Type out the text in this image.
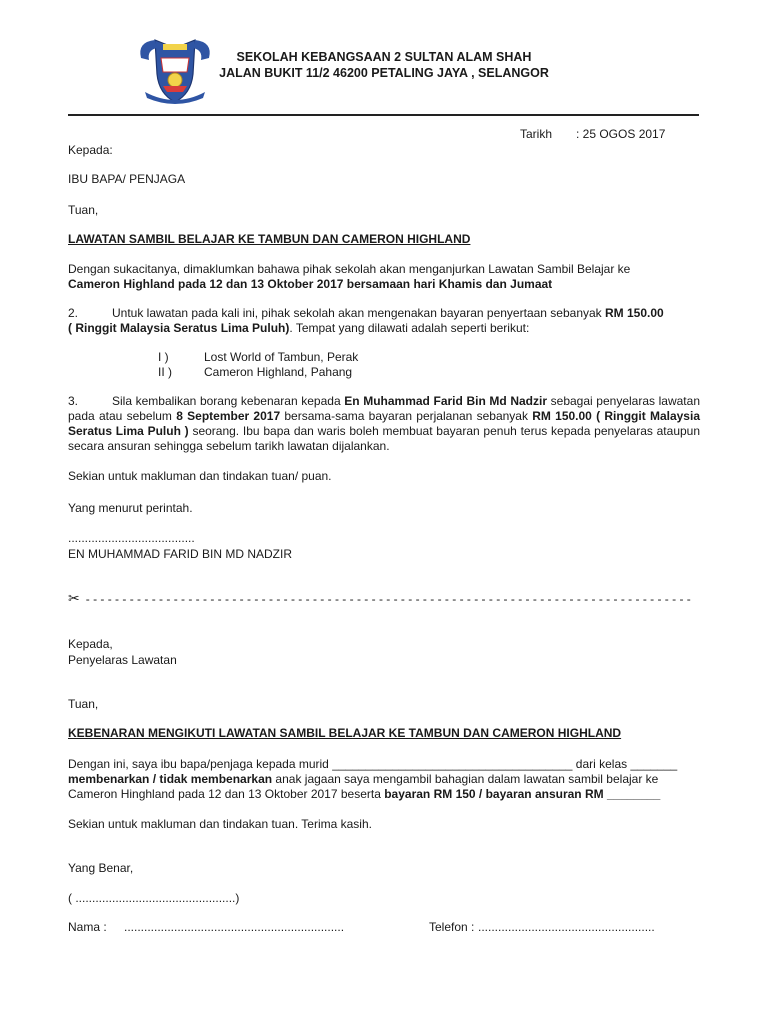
SEKOLAH KEBANGSAAN 2 SULTAN ALAM SHAH
JALAN BUKIT 11/2 46200 PETALING JAYA , SELANGOR
Tarikh : 25 OGOS 2017
Kepada:
IBU BAPA/ PENJAGA
Tuan,
LAWATAN SAMBIL BELAJAR KE TAMBUN DAN CAMERON HIGHLAND
Dengan sukacitanya, dimaklumkan bahawa pihak sekolah akan menganjurkan Lawatan Sambil Belajar ke
Cameron Highland pada 12 dan 13 Oktober 2017 bersamaan hari Khamis dan Jumaat
2.	Untuk lawatan pada kali ini, pihak sekolah akan mengenakan bayaran penyertaan sebanyak RM 150.00
( Ringgit Malaysia Seratus Lima Puluh). Tempat yang dilawati adalah seperti berikut:
I )	Lost World of Tambun, Perak
II )	Cameron Highland, Pahang
3.	Sila kembalikan borang kebenaran kepada En Muhammad Farid Bin Md Nadzir sebagai penyelaras lawatan pada atau sebelum 8 September 2017 bersama-sama bayaran perjalanan sebanyak RM 150.00 ( Ringgit Malaysia Seratus Lima Puluh ) seorang. Ibu bapa dan waris boleh membuat bayaran penuh terus kepada penyelaras ataupun secara ansuran sehingga sebelum tarikh lawatan dijalankan.
Sekian untuk makluman dan tindakan tuan/ puan.
Yang menurut perintah.
......................................
EN MUHAMMAD FARID BIN MD NADZIR
✂ - - - - - - - - - - - - - - - - - - - - - - - - - - - - - - - - - - - - - - - - - - - - - - - - - - - - - - - - - - - - - - - - - - - - - - - - - - - - - - - - - - -
Kepada,
Penyelaras Lawatan
Tuan,
KEBENARAN MENGIKUTI LAWATAN SAMBIL BELAJAR KE TAMBUN DAN CAMERON HIGHLAND
Dengan ini, saya ibu bapa/penjaga kepada murid ____________________________________ dari kelas _______
membenarkan / tidak membenarkan anak jagaan saya mengambil bahagian dalam lawatan sambil belajar ke
Cameron Hinghland pada 12 dan 13 Oktober 2017 beserta bayaran RM 150 / bayaran ansuran RM ________
Sekian untuk makluman dan tindakan tuan. Terima kasih.
Yang Benar,
( ................................................)
Nama : ..................................................................	Telefon : .....................................................
